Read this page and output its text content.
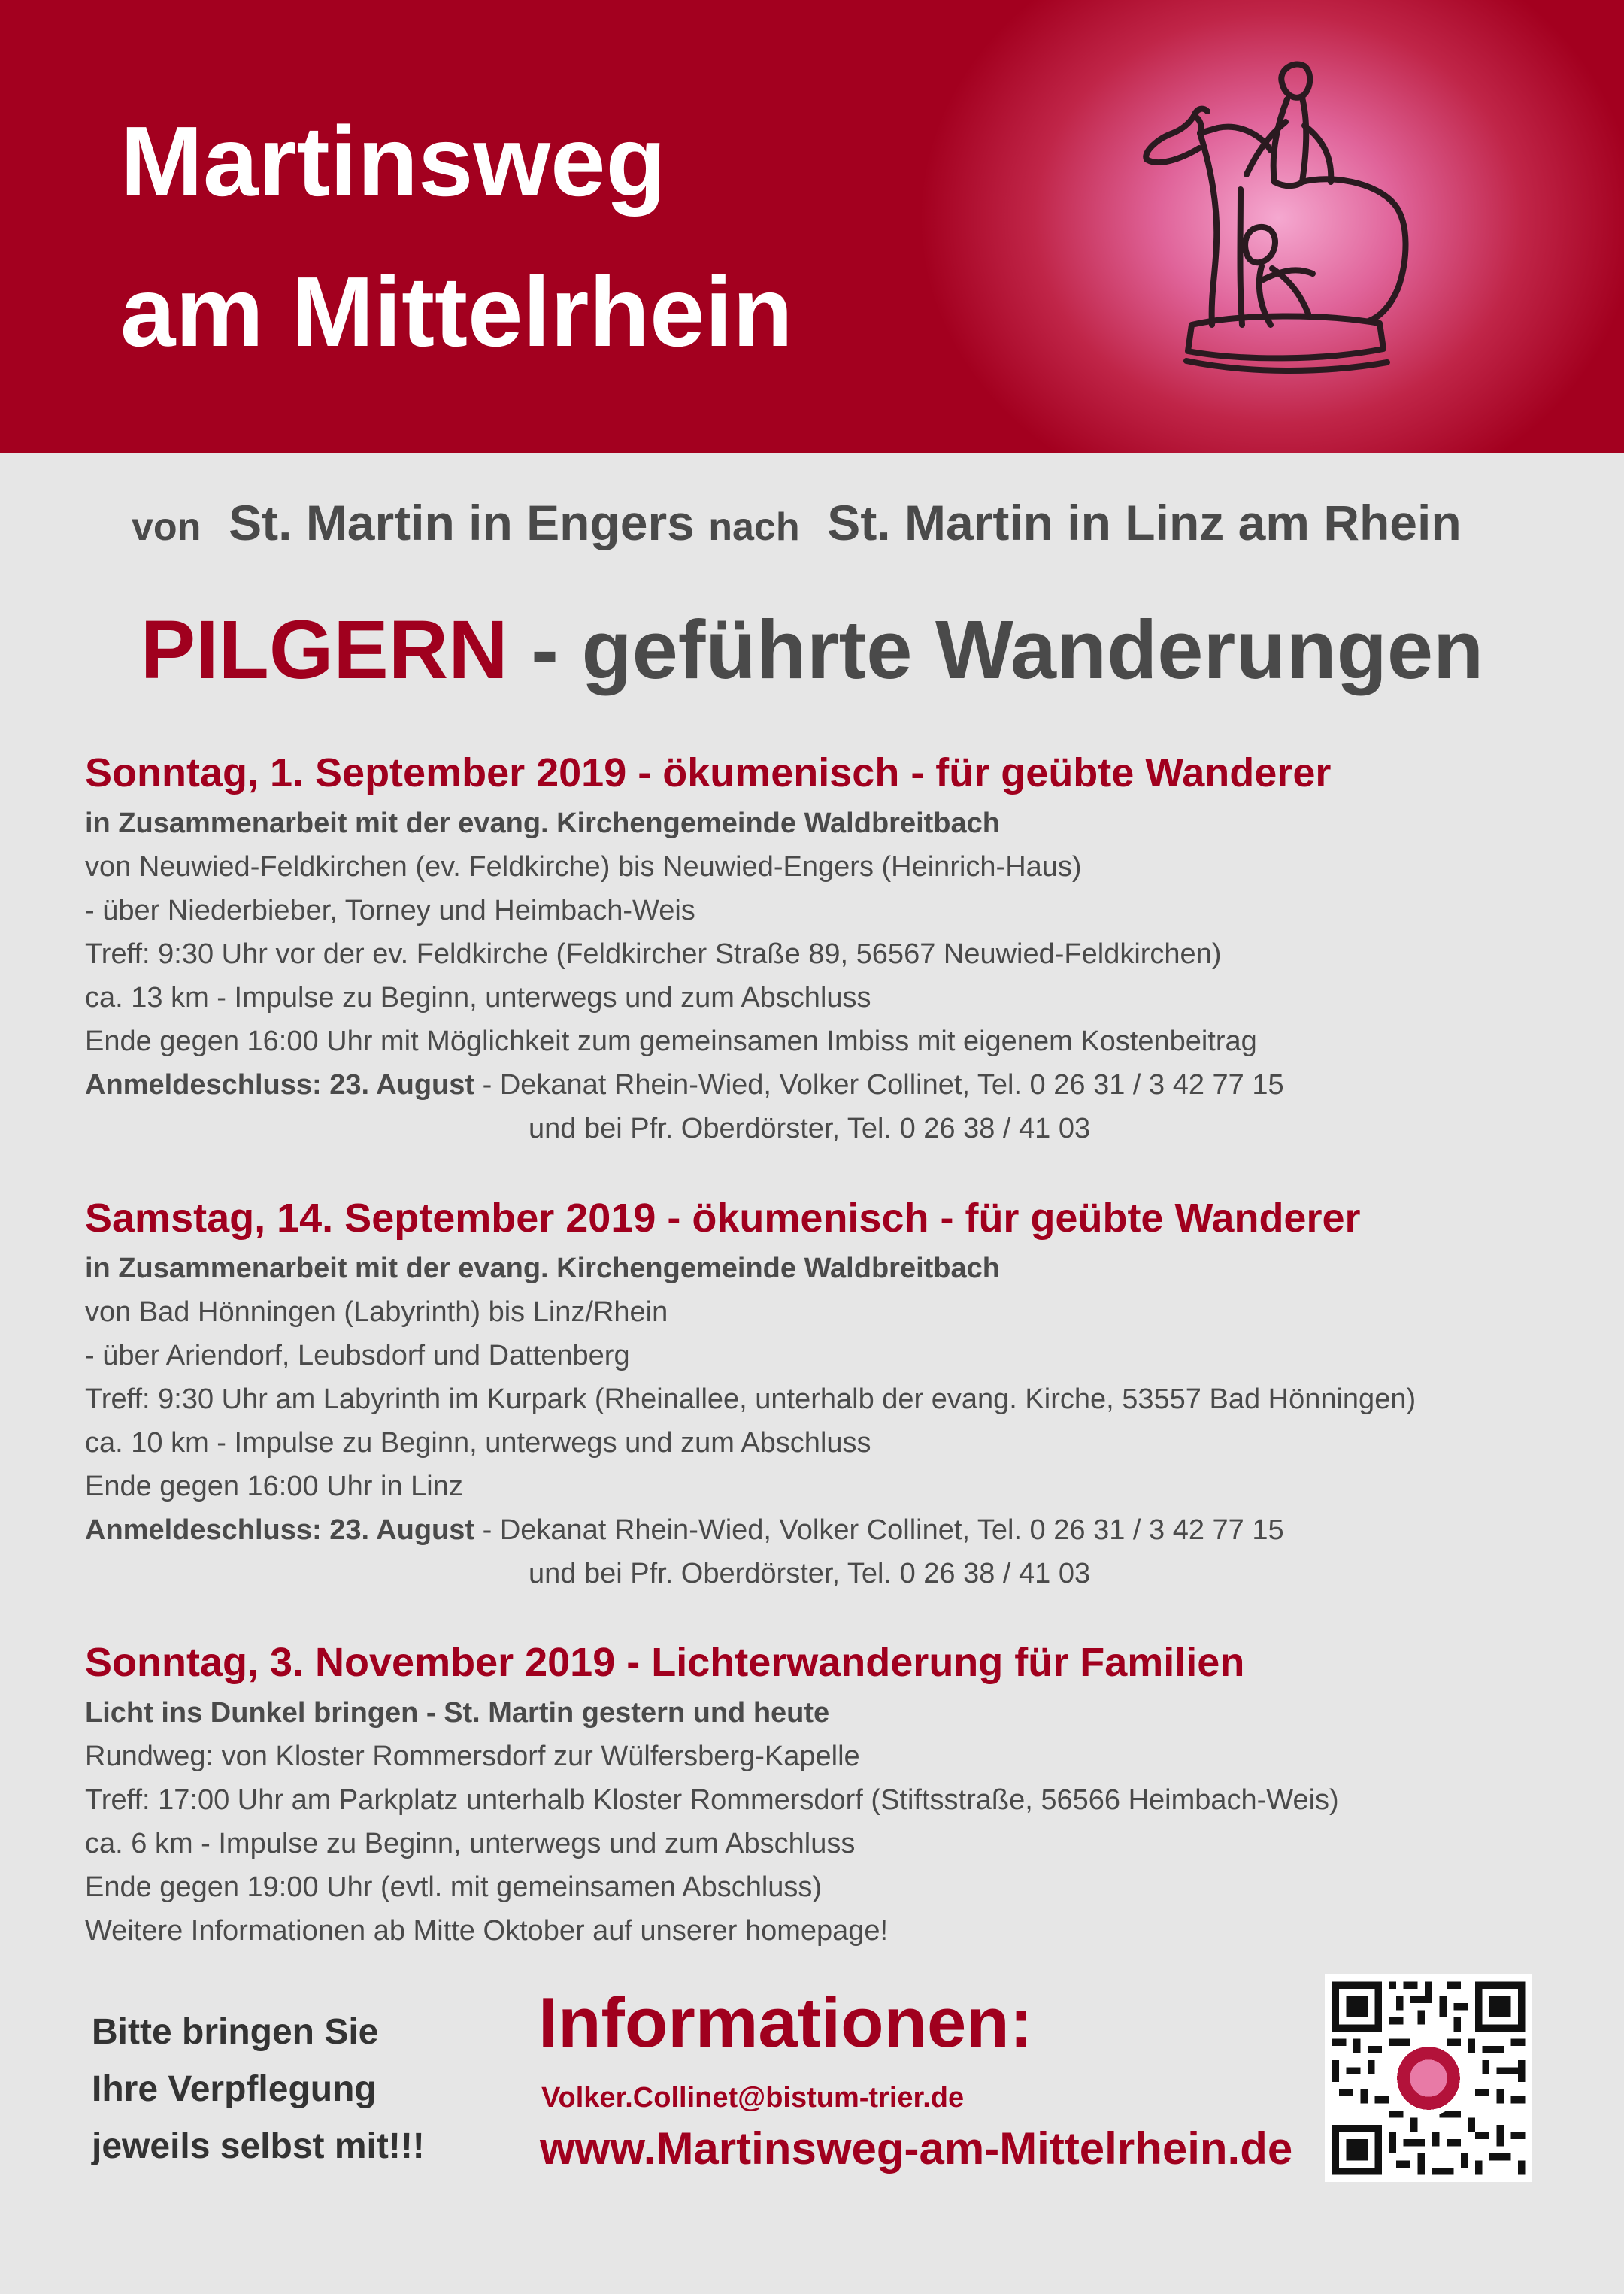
Martinsweg
am Mittelrhein
von St. Martin in Engers nach St. Martin in Linz am Rhein
PILGERN - geführte Wanderungen
Sonntag, 1. September 2019 - ökumenisch - für geübte Wanderer
in Zusammenarbeit mit der evang. Kirchengemeinde Waldbreitbach
von Neuwied-Feldkirchen (ev. Feldkirche) bis Neuwied-Engers (Heinrich-Haus)
- über Niederbieber, Torney und Heimbach-Weis
Treff: 9:30 Uhr vor der ev. Feldkirche (Feldkircher Straße 89, 56567 Neuwied-Feldkirchen)
ca. 13 km - Impulse zu Beginn, unterwegs und zum Abschluss
Ende gegen 16:00 Uhr mit Möglichkeit zum gemeinsamen Imbiss mit eigenem Kostenbeitrag
Anmeldeschluss: 23. August - Dekanat Rhein-Wied, Volker Collinet, Tel. 0 26 31 / 3 42 77 15
und bei Pfr. Oberdörster, Tel. 0 26 38 / 41 03
Samstag, 14. September 2019 - ökumenisch - für geübte Wanderer
in Zusammenarbeit mit der evang. Kirchengemeinde Waldbreitbach
von Bad Hönningen (Labyrinth) bis Linz/Rhein
- über Ariendorf, Leubsdorf und Dattenberg
Treff: 9:30 Uhr am Labyrinth im Kurpark (Rheinallee, unterhalb der evang. Kirche, 53557 Bad Hönningen)
ca. 10 km - Impulse zu Beginn, unterwegs und zum Abschluss
Ende gegen 16:00 Uhr in Linz
Anmeldeschluss: 23. August - Dekanat Rhein-Wied, Volker Collinet, Tel. 0 26 31 / 3 42 77 15
und bei Pfr. Oberdörster, Tel. 0 26 38 / 41 03
Sonntag, 3. November 2019 - Lichterwanderung für Familien
Licht ins Dunkel bringen - St. Martin gestern und heute
Rundweg: von Kloster Rommersdorf zur Wülfersberg-Kapelle
Treff: 17:00 Uhr am Parkplatz unterhalb Kloster Rommersdorf (Stiftsstraße, 56566 Heimbach-Weis)
ca. 6 km - Impulse zu Beginn, unterwegs und zum Abschluss
Ende gegen 19:00 Uhr (evtl. mit gemeinsamen Abschluss)
Weitere Informationen ab Mitte Oktober auf unserer homepage!
Bitte bringen Sie
Ihre Verpflegung
jeweils selbst mit!!!
Informationen:
Volker.Collinet@bistum-trier.de
www.Martinsweg-am-Mittelrhein.de
